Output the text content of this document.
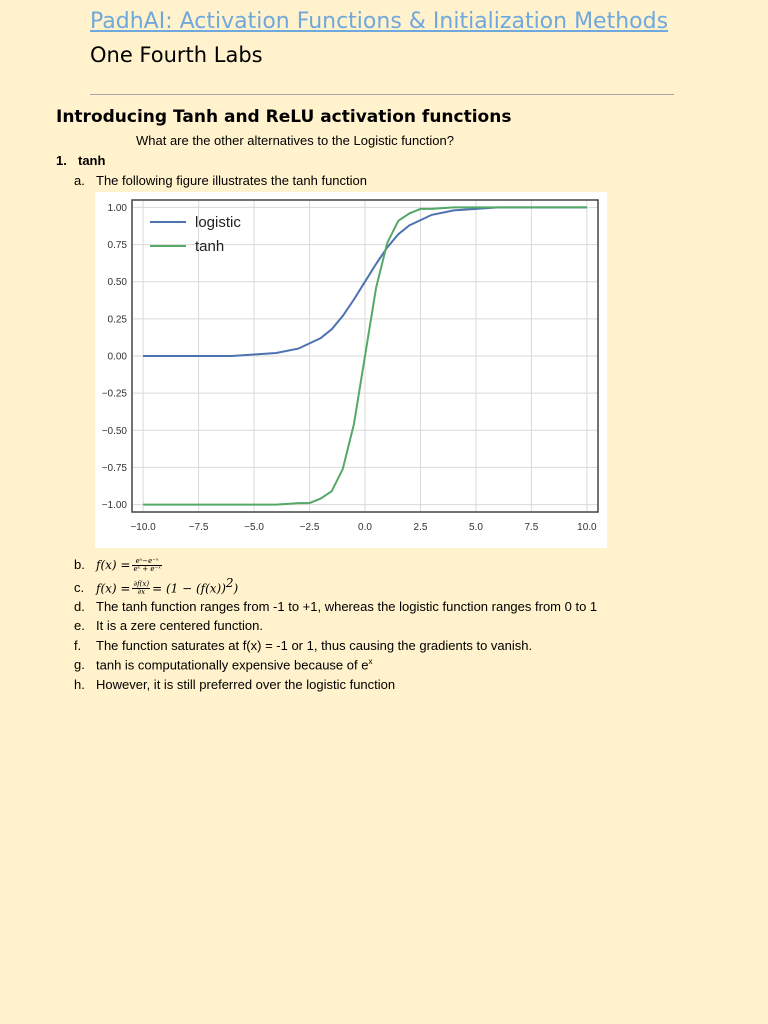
PadhAI: Activation Functions & Initialization Methods
One Fourth Labs
Introducing Tanh and ReLU activation functions
What are the other alternatives to the Logistic function?
1. tanh
a. The following figure illustrates the tanh function
−10.0	−7.5	−5.0	−2.5	0.0	2.5	5.0	7.5	10.0
1.00
0.75
0.50
0.25
0.00
−0.25
−0.50
−0.75
−1.00
logistic
tanh
b. $f(x) = \frac{\text{eˣ−e⁻ˣ}}{\text{eˣ + e⁻ˣ}}$
c. $f(x) = \frac{\partial f(x)}{\partial x} = (1 - (f(x))^2)$
d. The tanh function ranges from -1 to +1, whereas the logistic function ranges from 0 to 1
e. It is a zere centered function.
f. The function saturates at f(x) = -1 or 1, thus causing the gradients to vanish.
g. tanh is computationally expensive because of $e^x$
h. However, it is still preferred over the logistic function
